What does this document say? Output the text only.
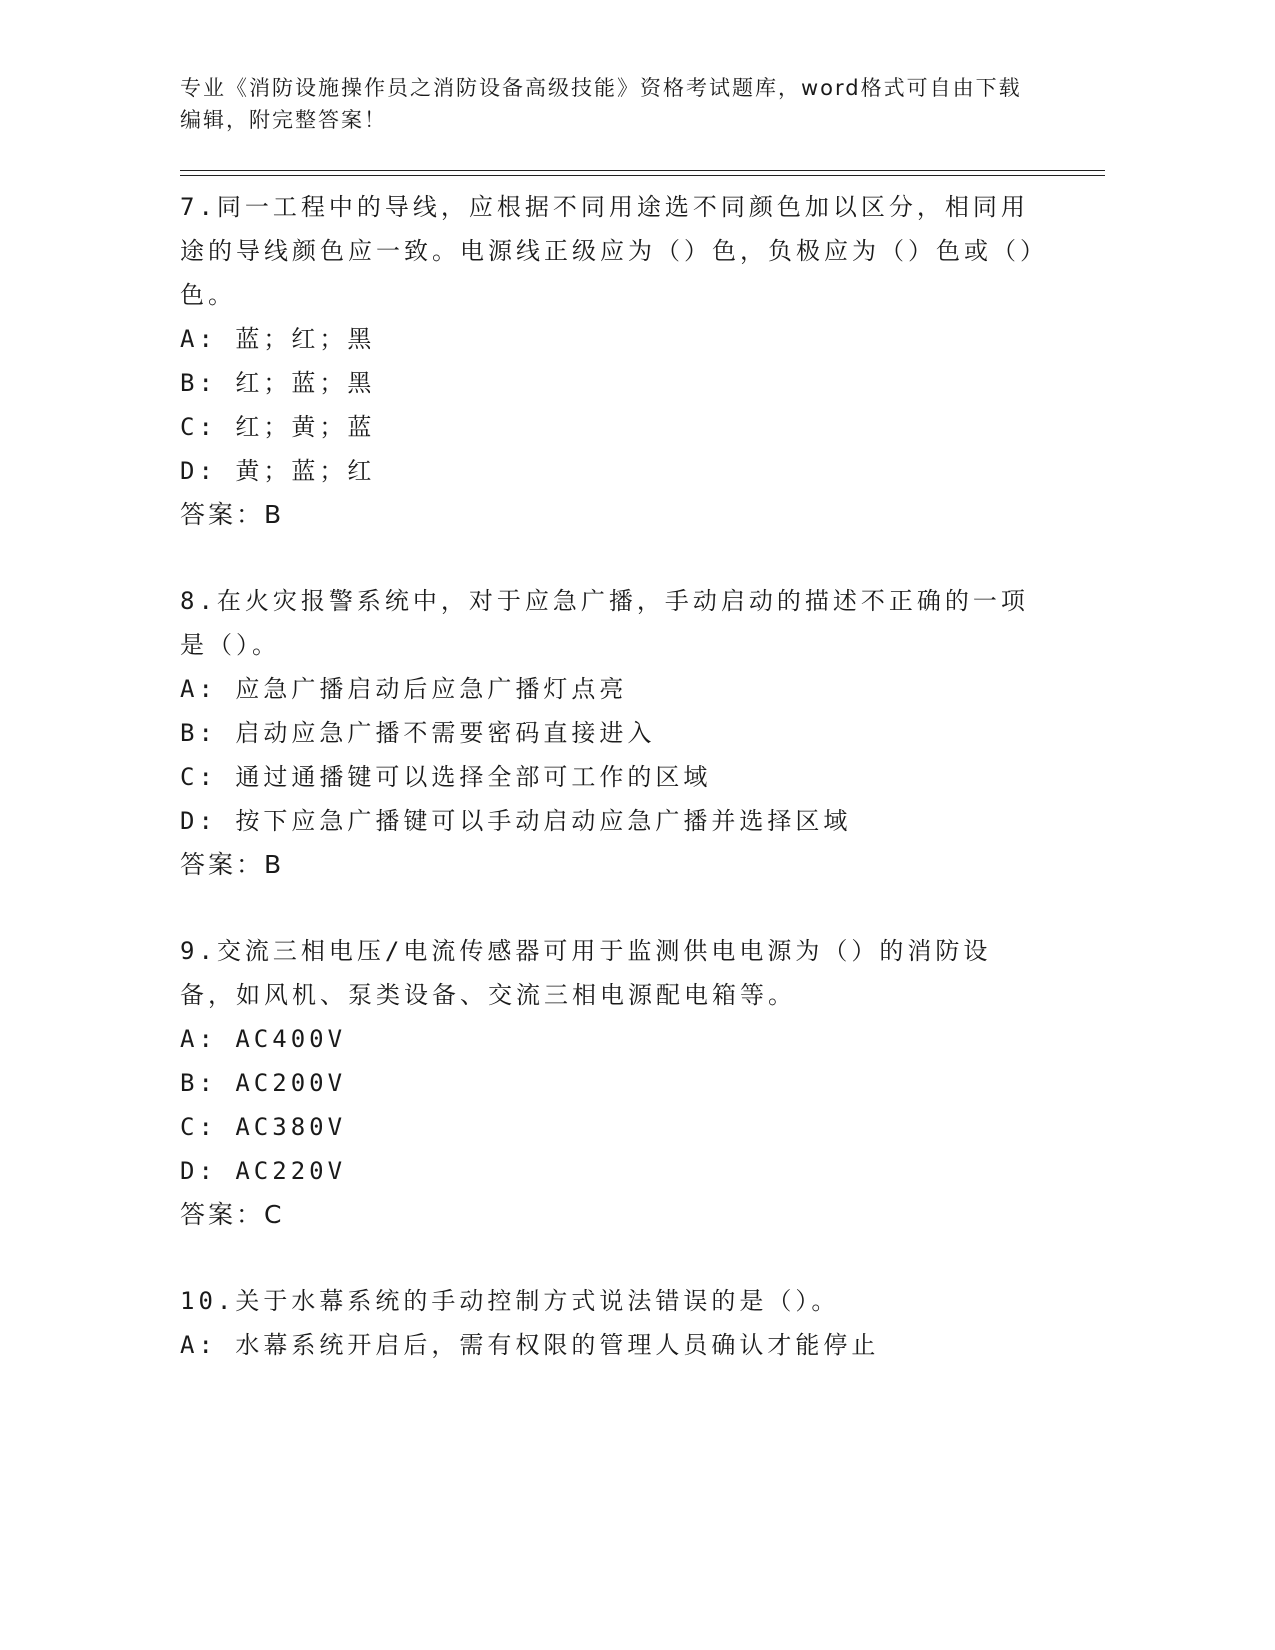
专业《消防设施操作员之消防设备高级技能》资格考试题库，word格式可自由下载编辑，附完整答案！
7.同一工程中的导线，应根据不同用途选不同颜色加以区分，相同用途的导线颜色应一致。电源线正级应为（）色，负极应为（）色或（）色。
A: 蓝；红；黑
B: 红；蓝；黑
C: 红；黄；蓝
D: 黄；蓝；红
答案：B
8.在火灾报警系统中，对于应急广播，手动启动的描述不正确的一项是（）。
A: 应急广播启动后应急广播灯点亮
B: 启动应急广播不需要密码直接进入
C: 通过通播键可以选择全部可工作的区域
D: 按下应急广播键可以手动启动应急广播并选择区域
答案：B
9.交流三相电压/电流传感器可用于监测供电电源为（）的消防设备，如风机、泵类设备、交流三相电源配电箱等。
A: AC400V
B: AC200V
C: AC380V
D: AC220V
答案：C
10.关于水幕系统的手动控制方式说法错误的是（）。
A: 水幕系统开启后，需有权限的管理人员确认才能停止
